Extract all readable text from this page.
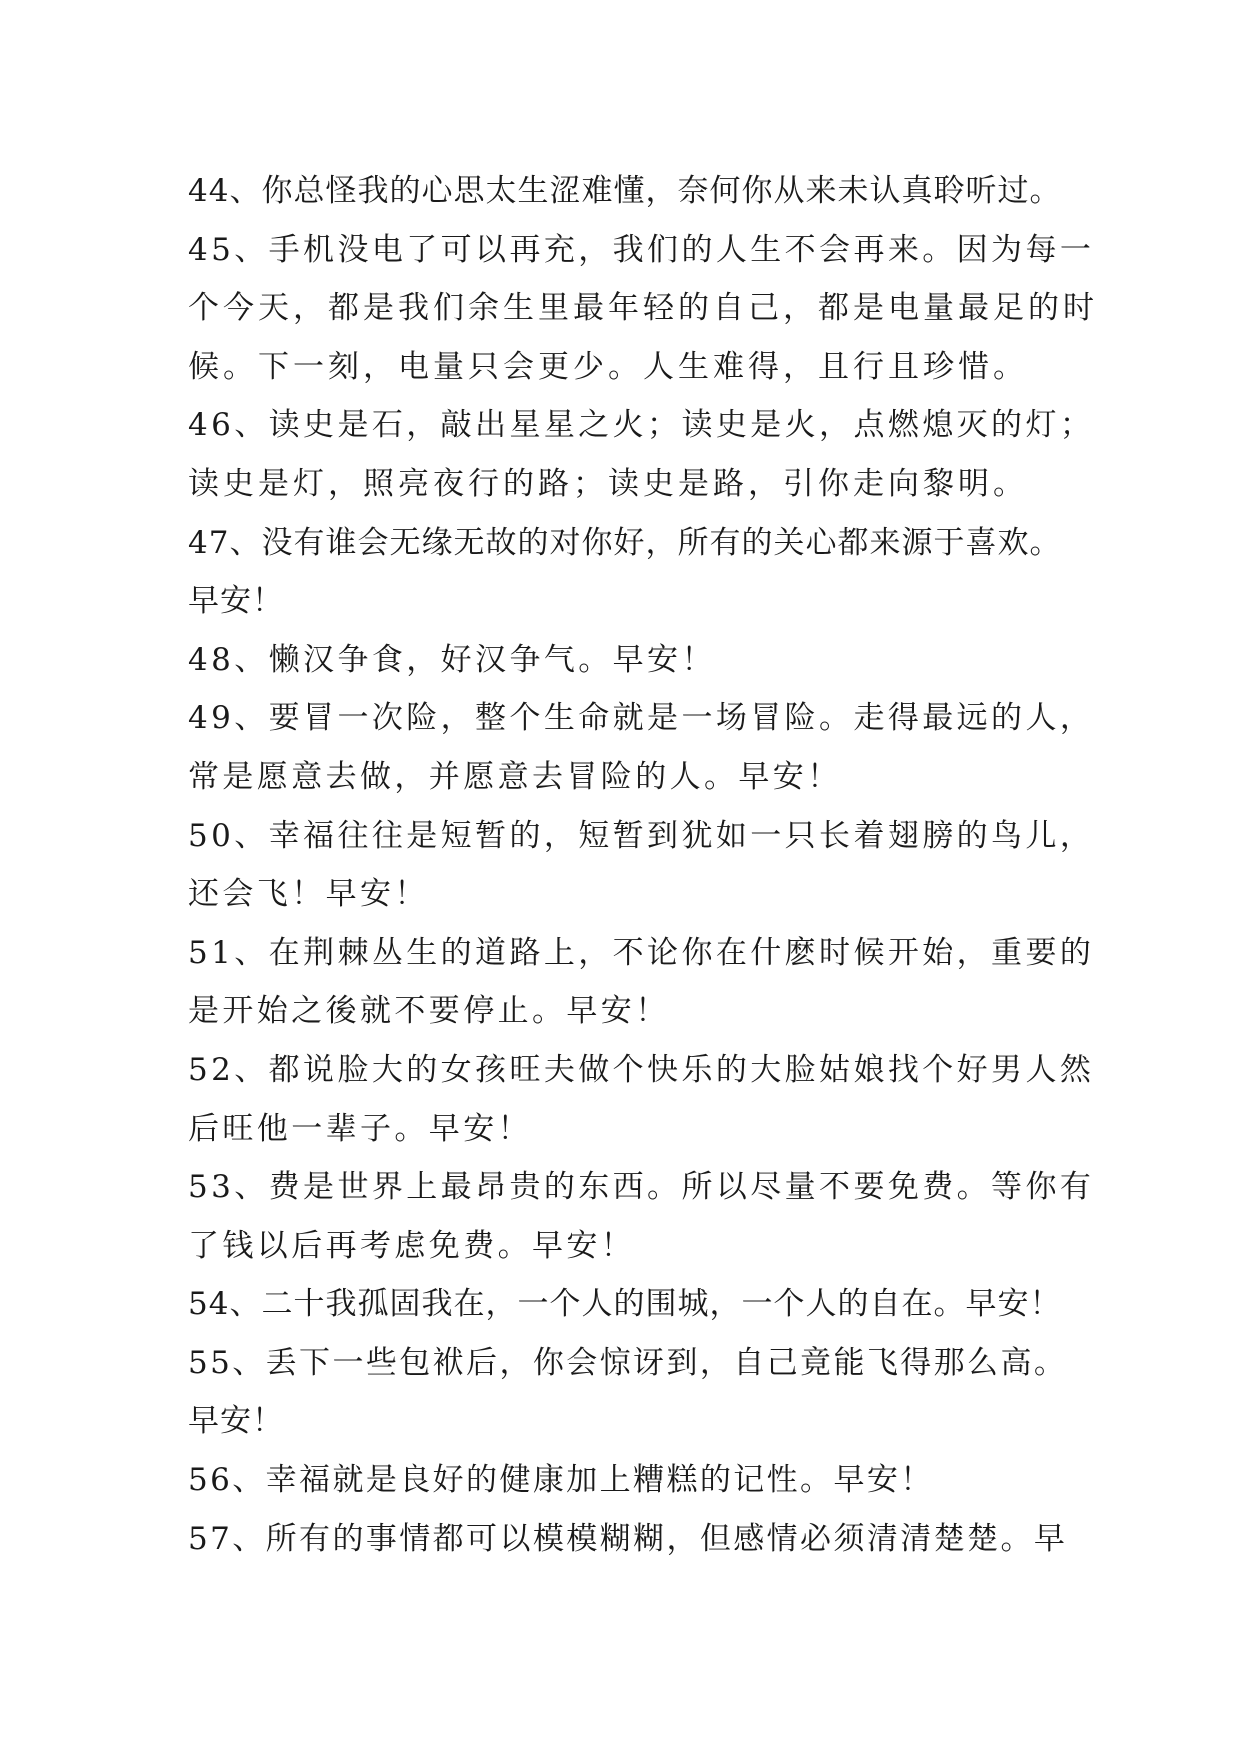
44、你总怪我的心思太生涩难懂，奈何你从来未认真聆听过。
45、手机没电了可以再充，我们的人生不会再来。因为每一
个今天，都是我们余生里最年轻的自己，都是电量最足的时
候。下一刻，电量只会更少。人生难得，且行且珍惜。
46、读史是石，敲出星星之火；读史是火，点燃熄灭的灯；
读史是灯，照亮夜行的路；读史是路，引你走向黎明。
47、没有谁会无缘无故的对你好，所有的关心都来源于喜欢。
早安！
48、懒汉争食，好汉争气。早安！
49、要冒一次险，整个生命就是一场冒险。走得最远的人，
常是愿意去做，并愿意去冒险的人。早安！
50、幸福往往是短暂的，短暂到犹如一只长着翅膀的鸟儿，
还会飞！早安！
51、在荆棘丛生的道路上，不论你在什麽时候开始，重要的
是开始之後就不要停止。早安！
52、都说脸大的女孩旺夫做个快乐的大脸姑娘找个好男人然
后旺他一辈子。早安！
53、费是世界上最昂贵的东西。所以尽量不要免费。等你有
了钱以后再考虑免费。早安！
54、二十我孤固我在，一个人的围城，一个人的自在。早安！
55、丢下一些包袱后，你会惊讶到，自己竟能飞得那么高。
早安！
56、幸福就是良好的健康加上糟糕的记性。早安！
57、所有的事情都可以模模糊糊，但感情必须清清楚楚。早
